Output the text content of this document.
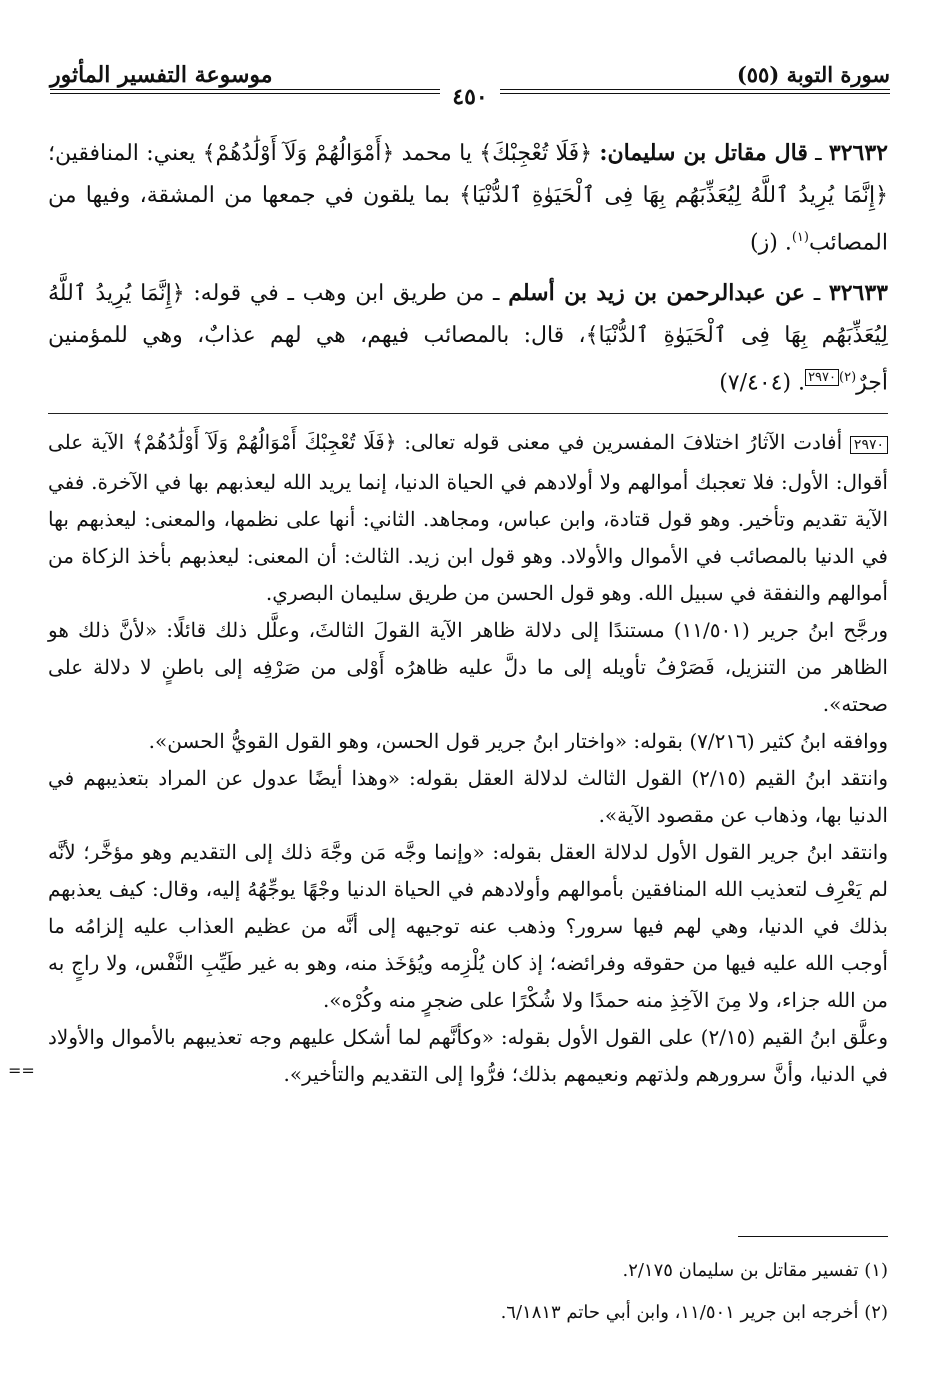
سورة التوبة (٥٥)
موسوعة التفسير المأثور
٤٥٠

٣٢٦٣٢ ـ قال مقاتل بن سليمان: ﴿فَلَا تُعْجِبْكَ﴾ يا محمد ﴿أَمْوَالُهُمْ وَلَآ أَوْلَٰدُهُمْ﴾ يعني: المنافقين؛ ﴿إِنَّمَا يُرِيدُ ٱللَّهُ لِيُعَذِّبَهُم بِهَا فِى ٱلْحَيَوٰةِ ٱلدُّنْيَا﴾ بما يلقون في جمعها من المشقة، وفيها من المصائب$^{(١)}$. (ز)

٣٢٦٣٣ ـ عن عبدالرحمن بن زيد بن أسلم ـ من طريق ابن وهب ـ في قوله: ﴿إِنَّمَا يُرِيدُ ٱللَّهُ لِيُعَذِّبَهُم بِهَا فِى ٱلْحَيَوٰةِ ٱلدُّنْيَا﴾، قال: بالمصائب فيهم، هي لهم عذابٌ، وهي للمؤمنين أجرٌ$^{(٢)٢٩٧٠}$. (٧/٤٠٤)

٢٩٧٠ أفادت الآثارُ اختلافَ المفسرين في معنى قوله تعالى: ﴿فَلَا تُعْجِبْكَ أَمْوَالُهُمْ وَلَآ أَوْلَٰدُهُمْ﴾ الآية على أقوال: الأول: فلا تعجبك أموالهم ولا أولادهم في الحياة الدنيا، إنما يريد الله ليعذبهم بها في الآخرة. ففي الآية تقديم وتأخير. وهو قول قتادة، وابن عباس، ومجاهد. الثاني: أنها على نظمها، والمعنى: ليعذبهم بها في الدنيا بالمصائب في الأموال والأولاد. وهو قول ابن زيد. الثالث: أن المعنى: ليعذبهم بأخذ الزكاة من أموالهم والنفقة في سبيل الله. وهو قول الحسن من طريق سليمان البصري.

ورجَّح ابنُ جرير (١١/٥٠١) مستندًا إلى دلالة ظاهر الآية القولَ الثالثَ، وعلَّل ذلك قائلًا: «لأنَّ ذلك هو الظاهر من التنزيل، فَصَرْفُ تأويله إلى ما دلَّ عليه ظاهرُه أَوْلى من صَرْفِه إلى باطنٍ لا دلالة على صحته».

ووافقه ابنُ كثير (٧/٢١٦) بقوله: «واختار ابنُ جرير قول الحسن، وهو القول القويُّ الحسن».

وانتقد ابنُ القيم (٢/١٥) القول الثالث لدلالة العقل بقوله: «وهذا أيضًا عدول عن المراد بتعذيبهم في الدنيا بها، وذهاب عن مقصود الآية».

وانتقد ابنُ جرير القول الأول لدلالة العقل بقوله: «وإنما وجَّه مَن وجَّهَ ذلك إلى التقديم وهو مؤخَّر؛ لأنَّه لم يَعْرِف لتعذيب الله المنافقين بأموالهم وأولادهم في الحياة الدنيا وجْهًا يوجِّهُهُ إليه، وقال: كيف يعذبهم بذلك في الدنيا، وهي لهم فيها سرور؟ وذهب عنه توجيهه إلى أنَّه من عظيم العذاب عليه إلزامُه ما أوجب الله عليه فيها من حقوقه وفرائضه؛ إذ كان يُلْزِمه ويُؤخَذ منه، وهو به غير طَيِّبِ النَّفْس، ولا راجٍ به من الله جزاء، ولا مِنَ الآخِذِ منه حمدًا ولا شُكْرًا على ضجرٍ منه وكُرْه».

وعلَّق ابنُ القيم (٢/١٥) على القول الأول بقوله: «وكأنَّهم لما أشكل عليهم وجه تعذيبهم بالأموال والأولاد في الدنيا، وأنَّ سرورهم ولذتهم ونعيمهم بذلك؛ فرُّوا إلى التقديم والتأخير».
==

(١) تفسير مقاتل بن سليمان ٢/١٧٥.

(٢) أخرجه ابن جرير ١١/٥٠١، وابن أبي حاتم ٦/١٨١٣.
